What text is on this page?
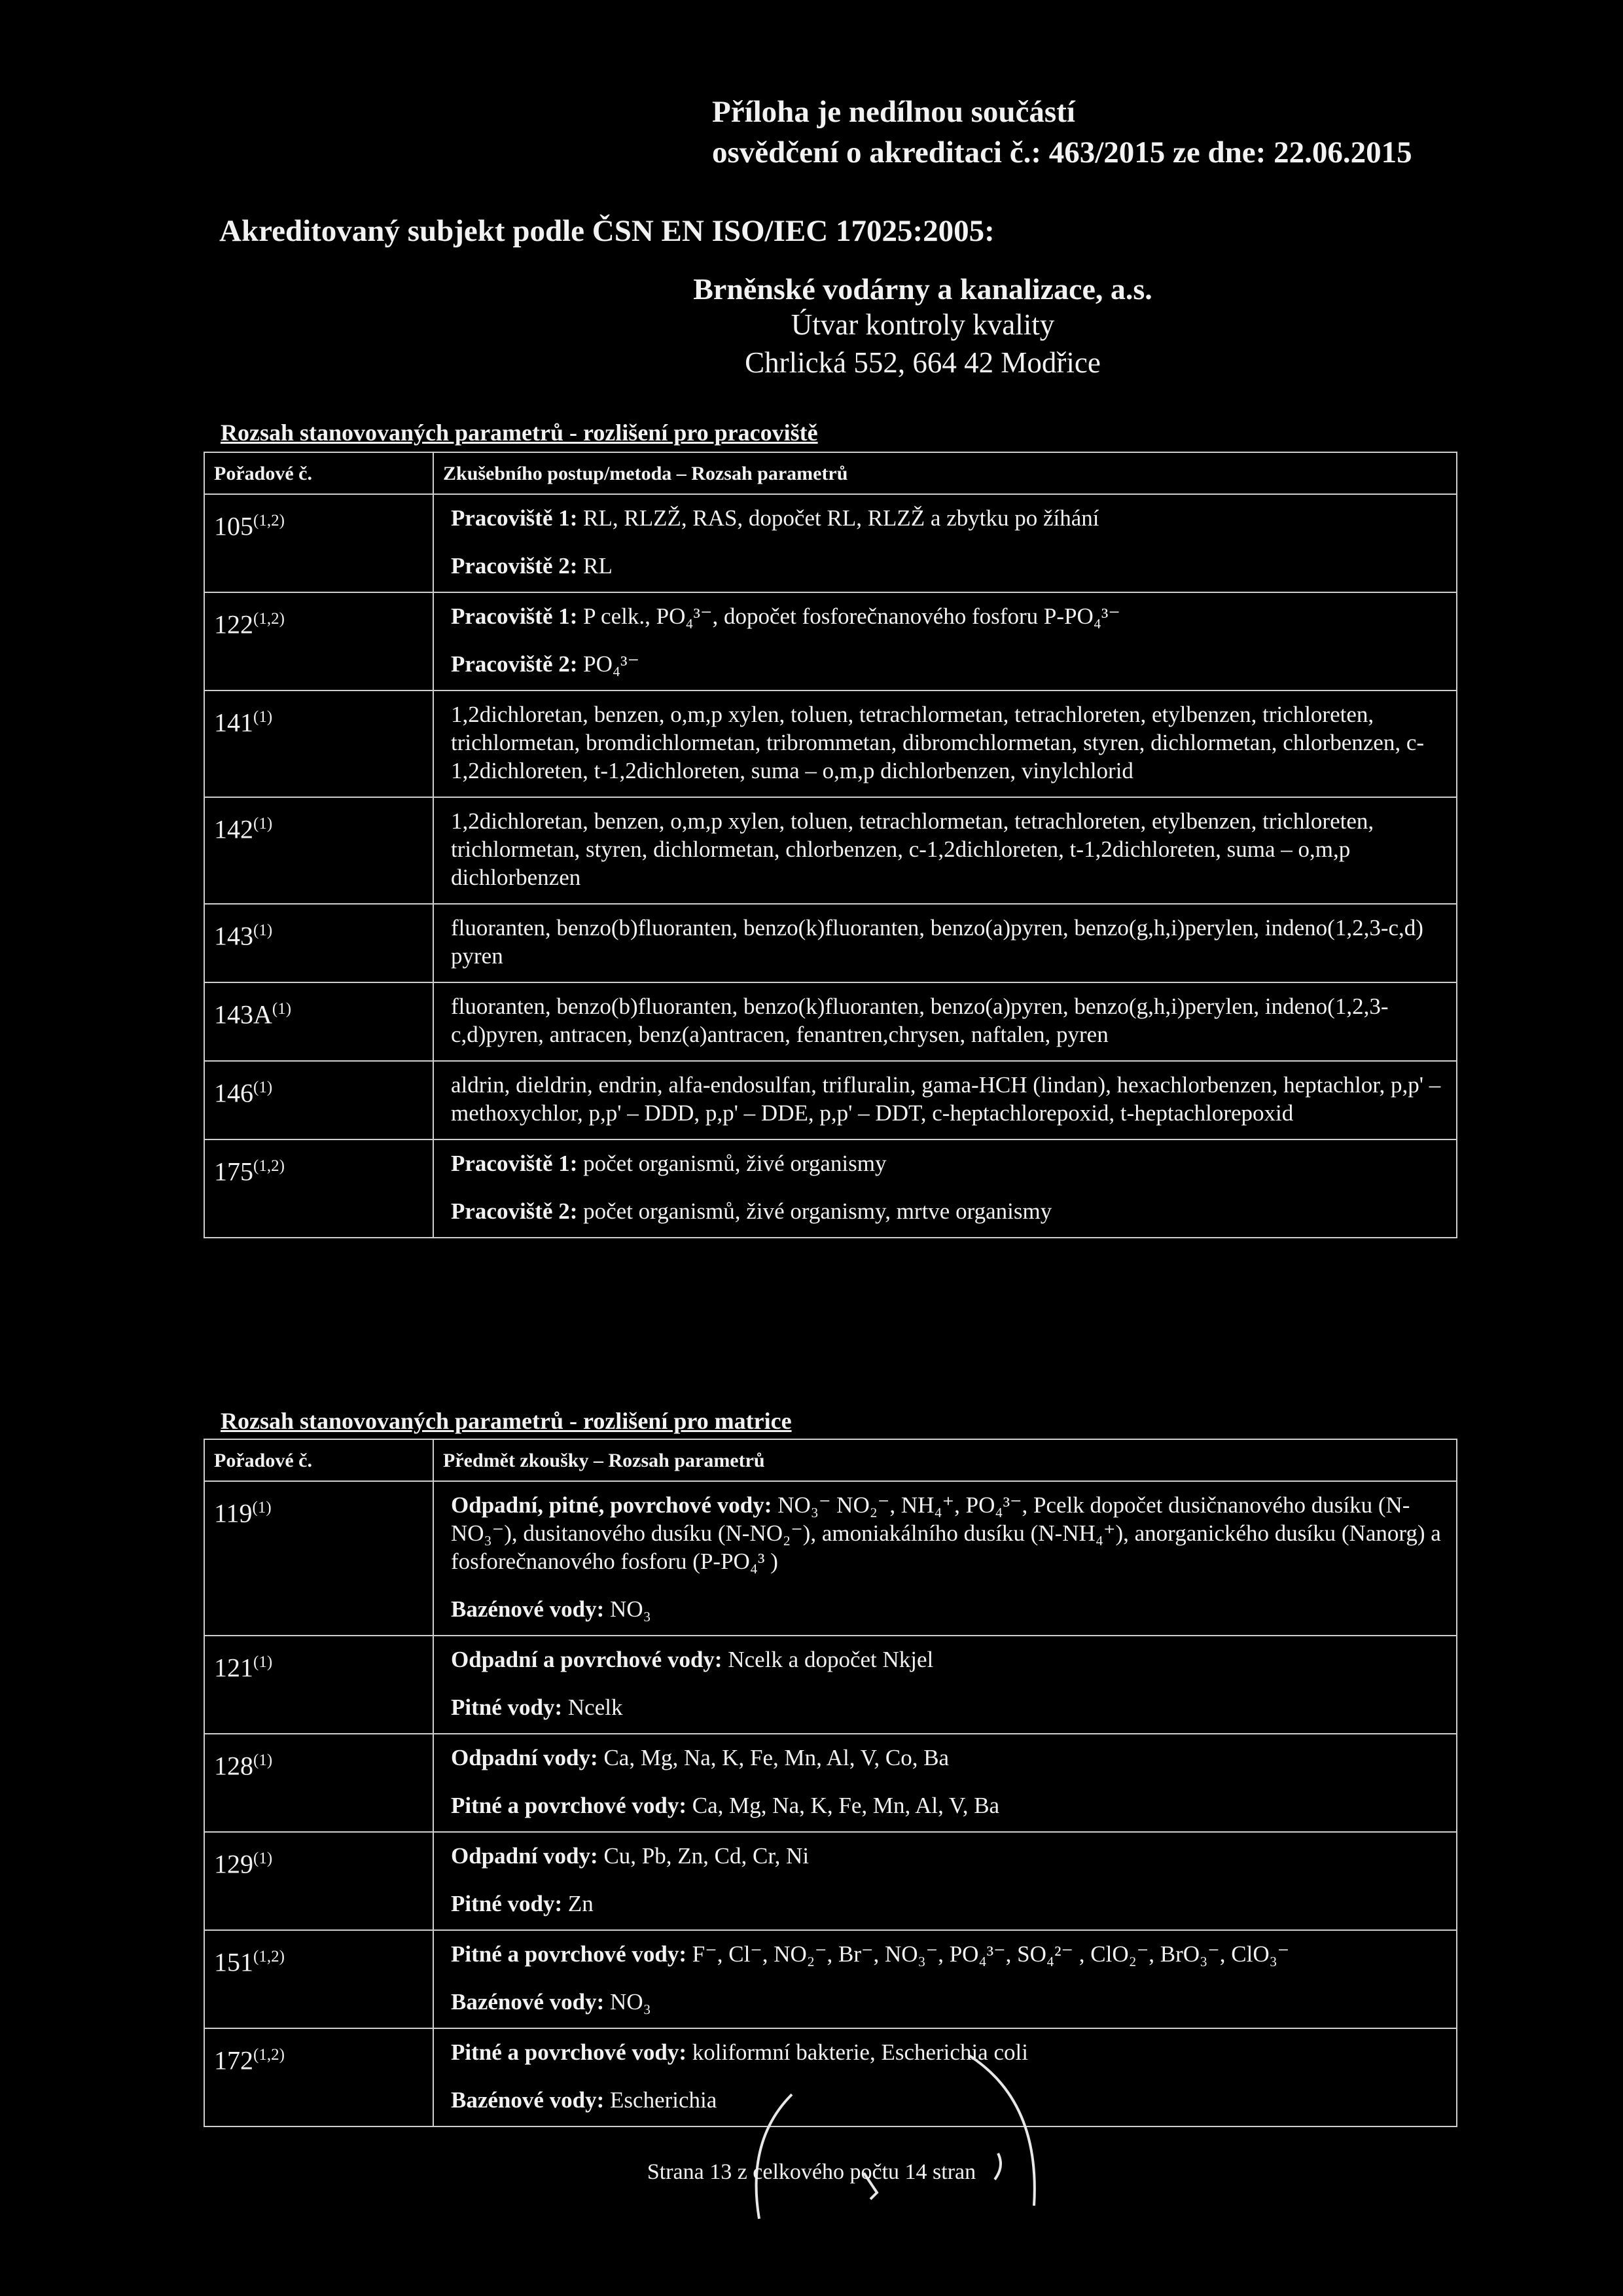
Příloha je nedílnou součástí
osvědčení o akreditaci č.: 463/2015 ze dne: 22.06.2015
Akreditovaný subjekt podle ČSN EN ISO/IEC 17025:2005:
Brněnské vodárny a kanalizace, a.s.
Útvar kontroly kvality
Chrlická 552, 664 42 Modřice
Rozsah stanovovaných parametrů - rozlišení pro pracoviště
Pořadové č.	Zkušebního postup/metoda – Rozsah parametrů
105$^{(1,2)}$	Pracoviště 1: RL, RLZŽ, RAS, dopočet RL, RLZŽ a zbytku po žíhání
Pracoviště 2: RL

122$^{(1,2)}$	Pracoviště 1: P celk., PO₄³⁻, dopočet fosforečnanového fosforu P-PO₄³⁻
Pracoviště 2: PO₄³⁻

141$^{(1)}$	1,2dichloretan, benzen, o,m,p xylen, toluen, tetrachlormetan, tetrachloreten, etylbenzen, trichloreten, trichlormetan, bromdichlormetan, tribrommetan, dibromchlormetan, styren, dichlormetan, chlorbenzen, c-1,2dichloreten, t-1,2dichloreten, suma – o,m,p dichlorbenzen, vinylchlorid

142$^{(1)}$	1,2dichloretan, benzen, o,m,p xylen, toluen, tetrachlormetan, tetrachloreten, etylbenzen, trichloreten, trichlormetan, styren, dichlormetan, chlorbenzen, c-1,2dichloreten, t-1,2dichloreten, suma – o,m,p dichlorbenzen

143$^{(1)}$	fluoranten, benzo(b)fluoranten, benzo(k)fluoranten, benzo(a)pyren, benzo(g,h,i)perylen, indeno(1,2,3-c,d) pyren

$143A^{(1)}$	fluoranten, benzo(b)fluoranten, benzo(k)fluoranten, benzo(a)pyren, benzo(g,h,i)perylen, indeno(1,2,3-c,d)pyren, antracen, benz(a)antracen, fenantren,chrysen, naftalen, pyren

146$^{(1)}$	aldrin, dieldrin, endrin, alfa-endosulfan, trifluralin, gama-HCH (lindan), hexachlorbenzen, heptachlor, p,p' – methoxychlor, p,p' – DDD, p,p' – DDE, p,p' – DDT, c-heptachlorepoxid, t-heptachlorepoxid

175$^{(1,2)}$	Pracoviště 1: počet organismů, živé organismy
Pracoviště 2: počet organismů, živé organismy, mrtve organismy
Rozsah stanovovaných parametrů - rozlišení pro matrice
Pořadové č.	Předmět zkoušky – Rozsah parametrů
119$^{(1)}$	Odpadní, pitné, povrchové vody: NO₃⁻ NO₂⁻, NH₄⁺, PO₄³⁻, Pcelk dopočet dusičnanového dusíku (N-NO₃⁻), dusitanového dusíku (N-NO₂⁻), amoniakálního dusíku (N-NH₄⁺), anorganického dusíku (Nanorg) a fosforečnanového fosforu (P-PO₄³ )
Bazénové vody: NO₃

121$^{(1)}$	Odpadní a povrchové vody: Ncelk a dopočet Nkjel
Pitné vody: Ncelk

128$^{(1)}$	Odpadní vody: Ca, Mg, Na, K, Fe, Mn, Al, V, Co, Ba
Pitné a povrchové vody: Ca, Mg, Na, K, Fe, Mn, Al, V, Ba

129$^{(1)}$	Odpadní vody: Cu, Pb, Zn, Cd, Cr, Ni
Pitné vody: Zn

151$^{(1,2)}$	Pitné a povrchové vody: F⁻, Cl⁻, NO₂⁻, Br⁻, NO₃⁻, PO₄³⁻, SO₄²⁻ , ClO₂⁻, BrO₃⁻, ClO₃⁻
Bazénové vody: NO₃

172$^{(1,2)}$	Pitné a povrchové vody: koliformní bakterie, Escherichia coli
Bazénové vody: Escherichia
Strana 13 z celkového počtu 14 stran
